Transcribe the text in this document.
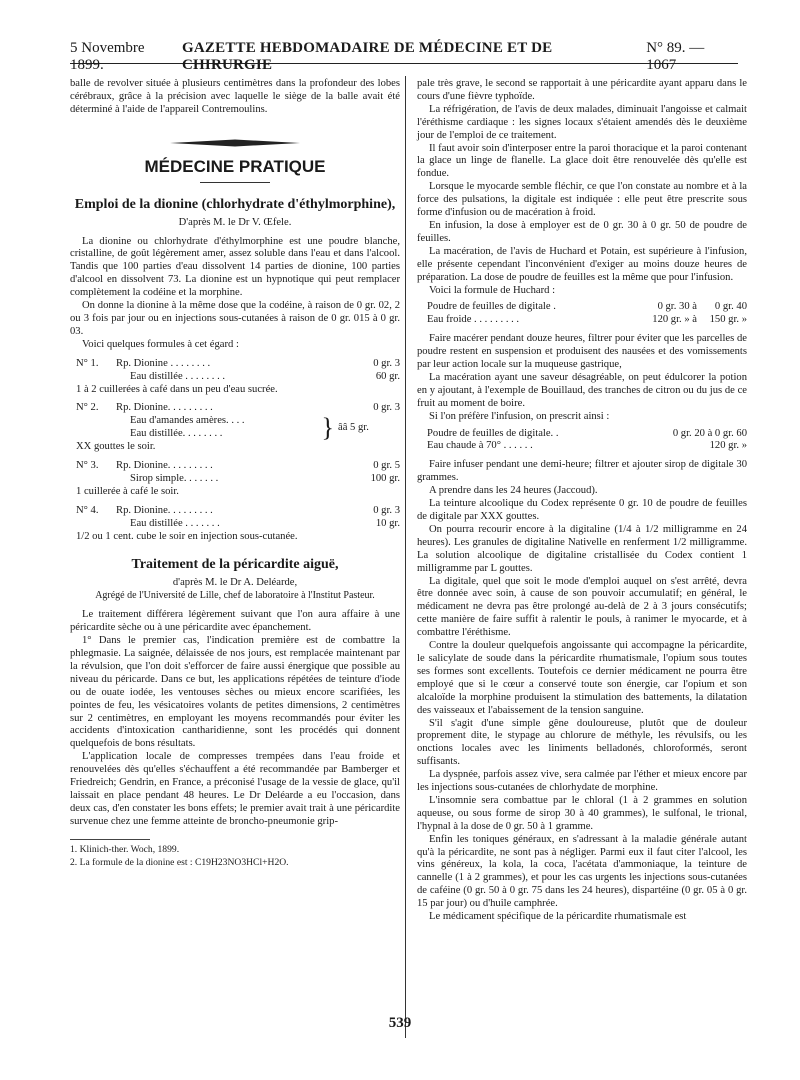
5 Novembre 1899.
GAZETTE HEBDOMADAIRE DE MÉDECINE ET DE CHIRURGIE
N° 89. — 1067

balle de revolver située à plusieurs centimètres dans la profondeur des lobes cérébraux, grâce à la précision avec laquelle le siège de la balle avait été déterminé à l'aide de l'appareil Contremoulins.

MÉDECINE PRATIQUE
Emploi de la dionine (chlorhydrate d'éthylmorphine),
D'après M. le Dr V. Œfele.

La dionine ou chlorhydrate d'éthylmorphine est une poudre blanche, cristalline, de goût légèrement amer, assez soluble dans l'eau et dans l'alcool. Tandis que 100 parties d'eau dissolvent 14 parties de dionine, 100 parties d'alcool en dissolvent 73. La dionine est un hypnotique qui peut remplacer complètement la codéine et la morphine.

On donne la dionine à la même dose que la codéine, à raison de 0 gr. 02, 2 ou 3 fois par jour ou en injections sous-cutanées à raison de 0 gr. 015 à 0 gr. 03.

Voici quelques formules à cet égard :

N° 1.	Rp. Dionine . . . . . . . .	0 gr. 3
Eau distillée . . . . . . . .	60 gr.
1 à 2 cuillerées à café dans un peu d'eau sucrée.
N° 2.	Rp. Dionine. . . . . . . . .	0 gr. 3
Eau d'amandes amères. . . .
Eau distillée. . . . . . . .	} ââ 5 gr.
XX gouttes le soir.
N° 3.	Rp. Dionine. . . . . . . . .	0 gr. 5
Sirop simple. . . . . . .	100 gr.
1 cuillerée à café le soir.
N° 4.	Rp. Dionine. . . . . . . . .	0 gr. 3
Eau distillée . . . . . . .	10 gr.
1/2 ou 1 cent. cube le soir en injection sous-cutanée.
Traitement de la péricardite aiguë,
d'après M. le Dr A. Deléarde,
Agrégé de l'Université de Lille, chef de laboratoire à l'Institut Pasteur.

Le traitement différera légèrement suivant que l'on aura affaire à une péricardite sèche ou à une péricardite avec épanchement.

1° Dans le premier cas, l'indication première est de combattre la phlegmasie. La saignée, délaissée de nos jours, est remplacée maintenant par la révulsion, que l'on doit s'efforcer de faire aussi énergique que possible au niveau du péricarde. Dans ce but, les applications répétées de teinture d'iode ou de ouate iodée, les ventouses sèches ou mieux encore scarifiées, les pointes de feu, les vésicatoires volants de petites dimensions, 2 centimètres sur 2 centimètres, en employant les moyens recommandés pour éviter les accidents d'intoxication cantharidienne, sont les procédés qui donnent quelquefois de bons résultats.

L'application locale de compresses trempées dans l'eau froide et renouvelées dès qu'elles s'échauffent a été recommandée par Bamberger et Friedreich; Gendrin, en France, a préconisé l'usage de la vessie de glace, qu'il laissait en place pendant 48 heures. Le Dr Deléarde a eu l'occasion, dans deux cas, d'en constater les bons effets; le premier avait trait à une péricardite survenue chez une femme atteinte de broncho-pneumonie grip-

1. Klinich-ther. Woch, 1899.
2. La formule de la dionine est : C19H23NO3HCl+H2O.

pale très grave, le second se rapportait à une péricardite ayant apparu dans le cours d'une fièvre typhoïde.

La réfrigération, de l'avis de deux malades, diminuait l'angoisse et calmait l'éréthisme cardiaque : les signes locaux s'étaient amendés dès le deuxième jour de l'emploi de ce traitement.

Il faut avoir soin d'interposer entre la paroi thoracique et la paroi contenant la glace un linge de flanelle. La glace doit être renouvelée dès qu'elle est fondue.

Lorsque le myocarde semble fléchir, ce que l'on constate au nombre et à la force des pulsations, la digitale est indiquée : elle peut être prescrite sous forme d'infusion ou de macération à froid.

En infusion, la dose à employer est de 0 gr. 30 à 0 gr. 50 de poudre de feuilles.

La macération, de l'avis de Huchard et Potain, est supérieure à l'infusion, elle présente cependant l'inconvénient d'exiger au moins douze heures de préparation. La dose de poudre de feuilles est la même que pour l'infusion.

Voici la formule de Huchard :

Poudre de feuilles de digitale .	0 gr. 30 à	0 gr. 40
Eau froide . . . . . . . . .	120 gr. » à	150 gr. »

Faire macérer pendant douze heures, filtrer pour éviter que les parcelles de poudre restent en suspension et produisent des nausées et des vomissements par leur action locale sur la muqueuse gastrique,

La macération ayant une saveur désagréable, on peut édulcorer la potion en y ajoutant, à l'exemple de Bouillaud, des tranches de citron ou du jus de ce fruit au moment de boire.

Si l'on préfère l'infusion, on prescrit ainsi :

Poudre de feuilles de digitale. .	0 gr. 20 à 0 gr. 60
Eau chaude à 70° . . . . . .	120 gr. »

Faire infuser pendant une demi-heure; filtrer et ajouter sirop de digitale 30 grammes.

A prendre dans les 24 heures (Jaccoud).

La teinture alcoolique du Codex représente 0 gr. 10 de poudre de feuilles de digitale par XXX gouttes.

On pourra recourir encore à la digitaline (1/4 à 1/2 milligramme en 24 heures). Les granules de digitaline Nativelle en renferment 1/2 milligramme. La solution alcoolique de digitaline cristallisée du Codex contient 1 milligramme par L gouttes.

La digitale, quel que soit le mode d'emploi auquel on s'est arrêté, devra être donnée avec soin, à cause de son pouvoir accumulatif; en général, le médicament ne devra pas être prolongé au-delà de 2 à 3 jours consécutifs; cette manière de faire suffit à ralentir le pouls, à ranimer le myocarde, et à combattre l'éréthisme.

Contre la douleur quelquefois angoissante qui accompagne la péricardite, le salicylate de soude dans la péricardite rhumatismale, l'opium sous toutes ses formes sont excellents. Toutefois ce dernier médicament ne pourra être employé que si le cœur a conservé toute son énergie, car l'opium et son alcaloïde la morphine produisent la stimulation des battements, la dilatation des vaisseaux et l'abaissement de la tension sanguine.

S'il s'agit d'une simple gêne douloureuse, plutôt que de douleur proprement dite, le stypage au chlorure de méthyle, les révulsifs, ou les onctions locales avec les liniments belladonés, chloroformés, seront suffisants.

La dyspnée, parfois assez vive, sera calmée par l'éther et mieux encore par les injections sous-cutanées de chlorhydate de morphine.

L'insomnie sera combattue par le chloral (1 à 2 grammes en solution aqueuse, ou sous forme de sirop 30 à 40 grammes), le sulfonal, le trional, l'hypnal à la dose de 0 gr. 50 à 1 gramme.

Enfin les toniques généraux, en s'adressant à la maladie générale autant qu'à la péricardite, ne sont pas à négliger. Parmi eux il faut citer l'alcool, les vins généreux, la kola, la coca, l'acétata d'ammoniaque, la teinture de cannelle (1 à 2 grammes), et pour les cas urgents les injections sous-cutanées de caféine (0 gr. 50 à 0 gr. 75 dans les 24 heures), dispartéine (0 gr. 05 à 0 gr. 15 par jour) ou d'huile camphrée.

Le médicament spécifique de la péricardite rhumatismale est

539
